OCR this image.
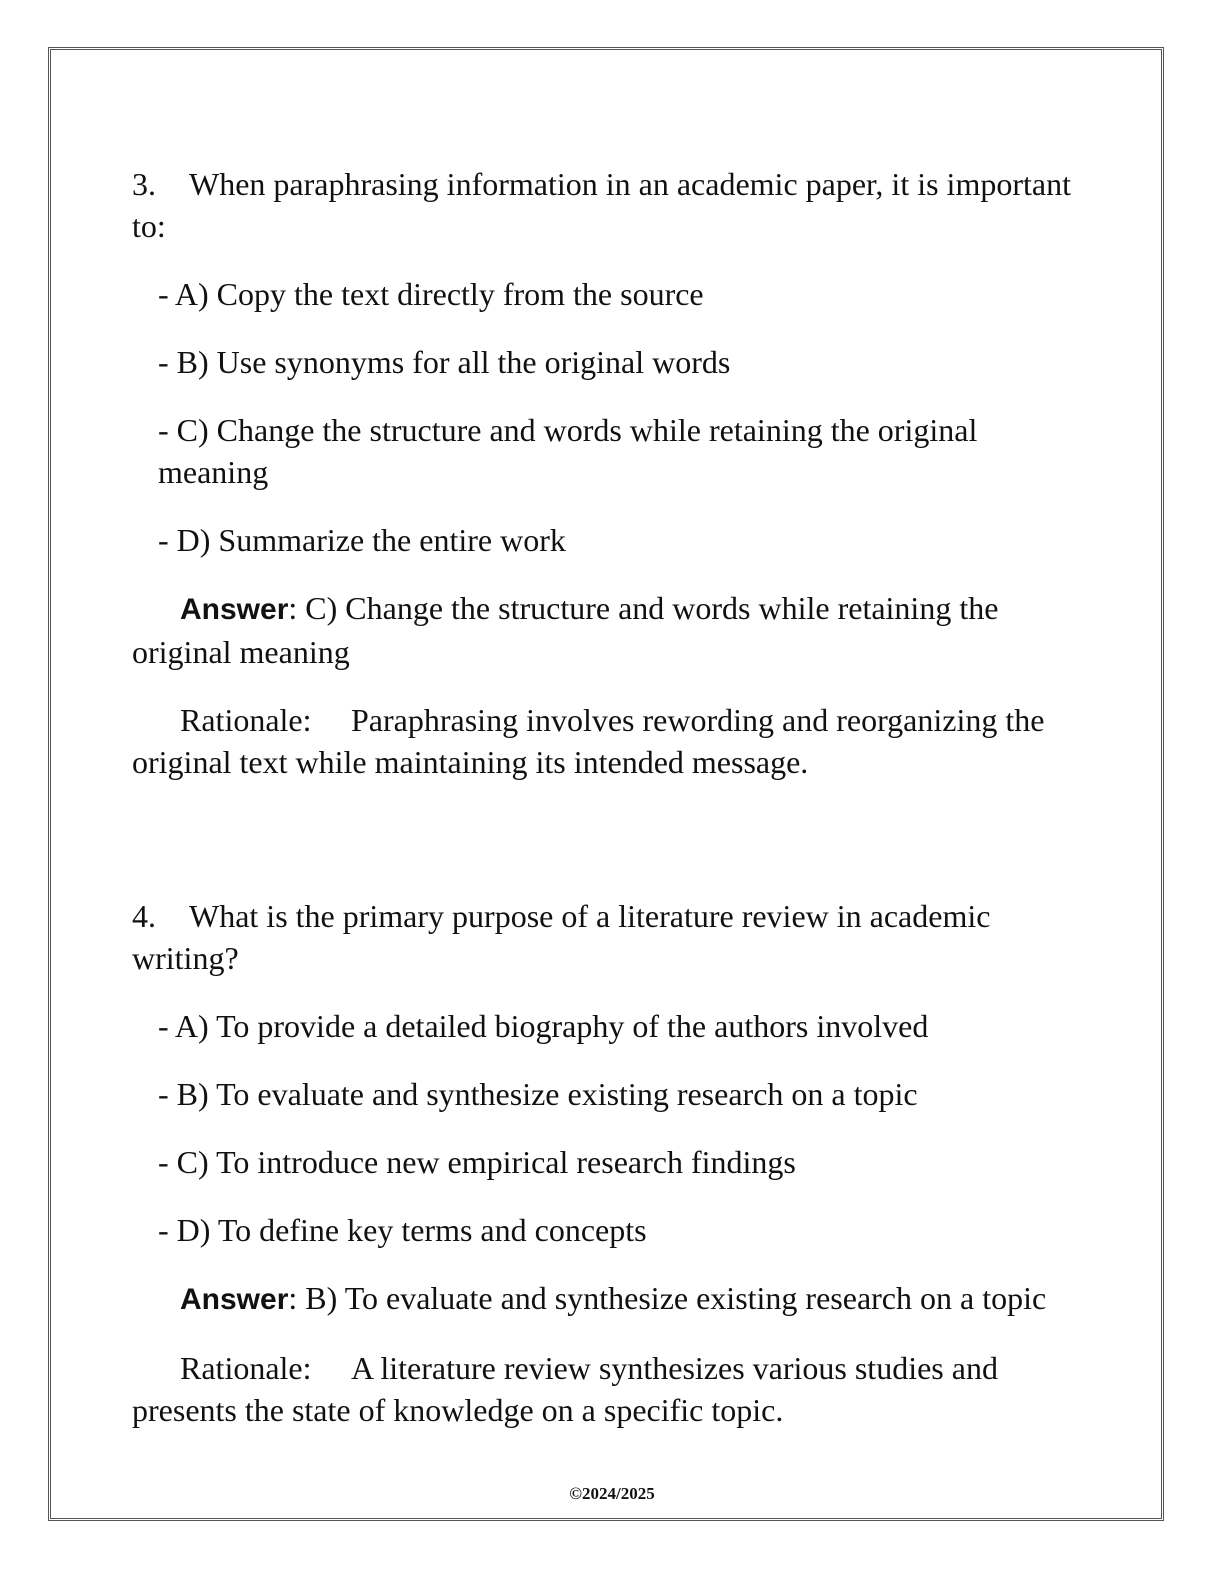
3. When paraphrasing information in an academic paper, it is important to:

- A) Copy the text directly from the source

- B) Use synonyms for all the original words

- C) Change the structure and words while retaining the original meaning

- D) Summarize the entire work

Answer: C) Change the structure and words while retaining the original meaning

Rationale: Paraphrasing involves rewording and reorganizing the original text while maintaining its intended message.

4. What is the primary purpose of a literature review in academic writing?

- A) To provide a detailed biography of the authors involved

- B) To evaluate and synthesize existing research on a topic

- C) To introduce new empirical research findings

- D) To define key terms and concepts

Answer: B) To evaluate and synthesize existing research on a topic

Rationale: A literature review synthesizes various studies and presents the state of knowledge on a specific topic.

©2024/2025
